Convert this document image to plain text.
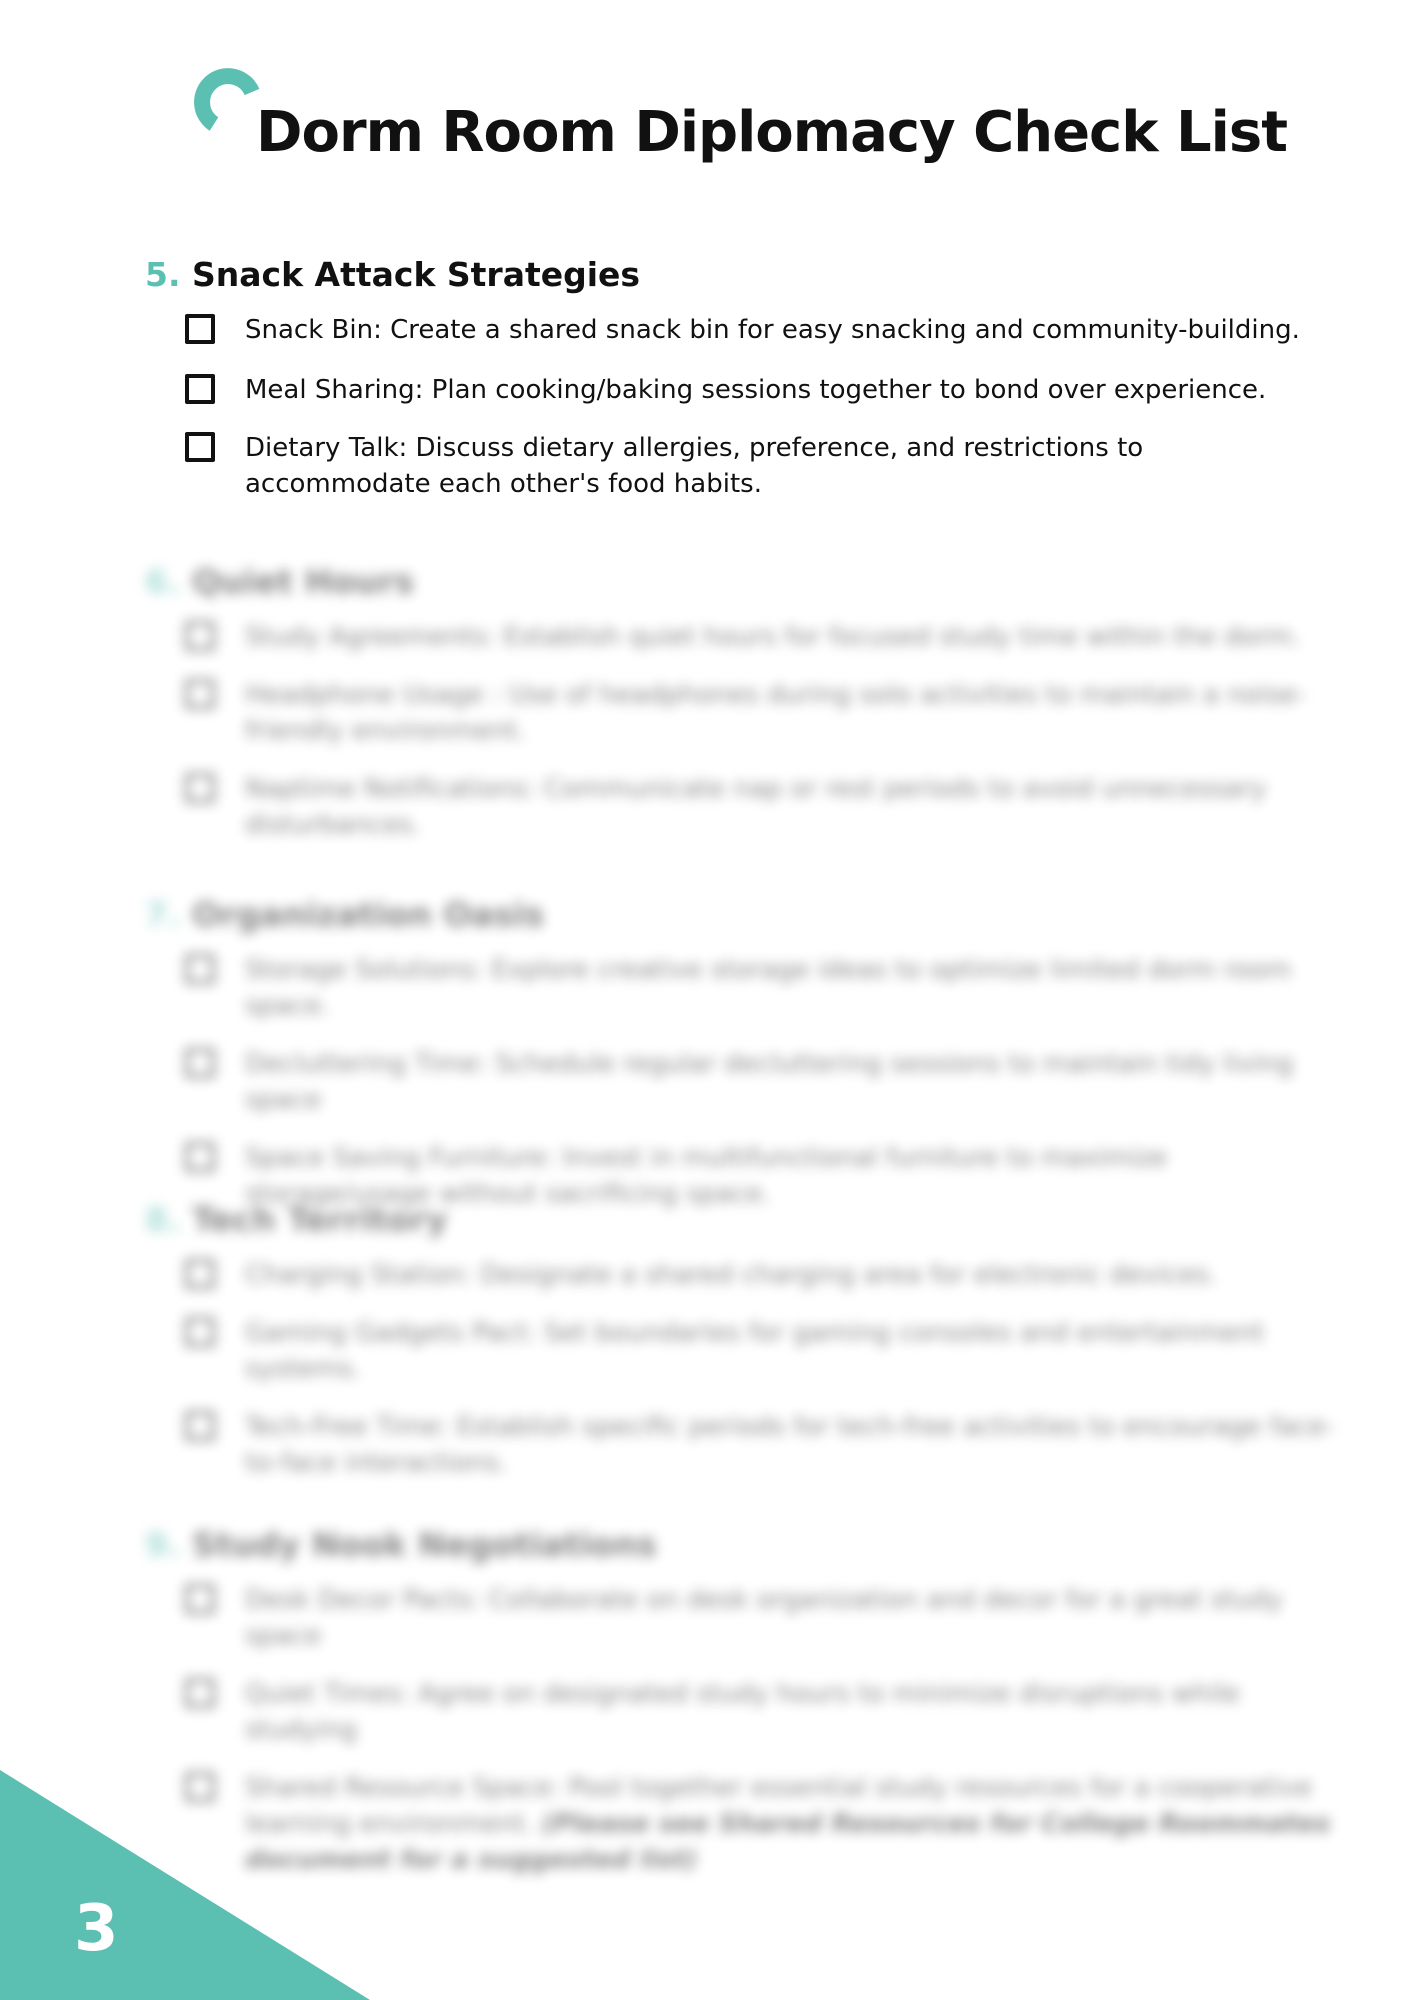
Dorm Room Diplomacy Check List
5. Snack Attack Strategies
Snack Bin: Create a shared snack bin for easy snacking and community-building.
Meal Sharing: Plan cooking/baking sessions together to bond over experience.
Dietary Talk: Discuss dietary allergies, preference, and restrictions to accommodate each other's food habits.
6. Quiet Hours
Study Agreements: Establish quiet hours for focused study time within the dorm.
Headphone Usage : Use of headphones during solo activities to maintain a noise-friendly environment.
Naptime Notifications: Communicate nap or rest periods to avoid unnecessary disturbances.
7. Organization Oasis
Storage Solutions: Explore creative storage ideas to optimize limited dorm room space.
Decluttering Time: Schedule regular decluttering sessions to maintain tidy living space
Space Saving Furniture: Invest in multifunctional furniture to maximize storage/usage without sacrificing space.
8. Tech Territory
Charging Station: Designate a shared charging area for electronic devices.
Gaming Gadgets Pact: Set boundaries for gaming consoles and entertainment systems.
Tech-Free Time: Establish specific periods for tech-free activities to encourage face-to-face interactions.
9. Study Nook Negotiations
Desk Decor Pacts: Collaborate on desk organization and decor for a great study space
Quiet Times: Agree on designated study hours to minimize disruptions while studying
Shared Resource Space: Pool together essential study resources for a cooperative learning environment. (Please see Shared Resources for College Roommates document for a suggested list)
3
